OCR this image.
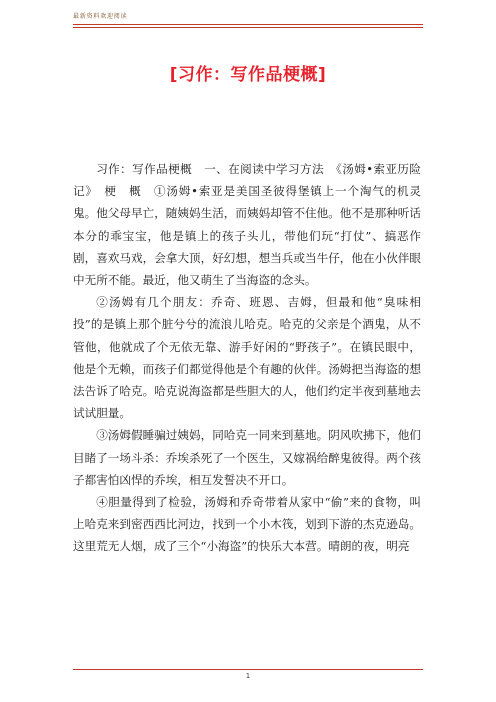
最新资料欢迎阅读
[习作：写作品梗概]

习作：写作品梗概　一、在阅读中学习方法　《汤姆•索亚历险记》　梗　概　①汤姆•索亚是美国圣彼得堡镇上一个淘气的机灵鬼。他父母早亡，随姨妈生活，而姨妈却管不住他。他不是那种听话本分的乖宝宝，他是镇上的孩子头儿，带他们玩“打仗”、搞恶作剧，喜欢马戏，会拿大顶，好幻想，想当兵或当牛仔，他在小伙伴眼中无所不能。最近，他又萌生了当海盗的念头。

②汤姆有几个朋友：乔奇、班恩、吉姆，但最和他“臭味相投”的是镇上那个脏兮兮的流浪儿哈克。哈克的父亲是个酒鬼，从不管他，他就成了个无依无靠、游手好闲的“野孩子”。在镇民眼中，他是个无赖，而孩子们都觉得他是个有趣的伙伴。汤姆把当海盗的想法告诉了哈克。哈克说海盗都是些胆大的人，他们约定半夜到墓地去试试胆量。

③汤姆假睡骗过姨妈，同哈克一同来到墓地。阴风吹拂下，他们目睹了一场斗杀：乔埃杀死了一个医生，又嫁祸给醉鬼彼得。两个孩子都害怕凶悍的乔埃，相互发誓决不开口。

④胆量得到了检验，汤姆和乔奇带着从家中“偷”来的食物，叫上哈克来到密西西比河边，找到一个小木筏，划到下游的杰克逊岛。这里荒无人烟，成了三个“小海盗”的快乐大本营。晴朗的夜，明亮

1
